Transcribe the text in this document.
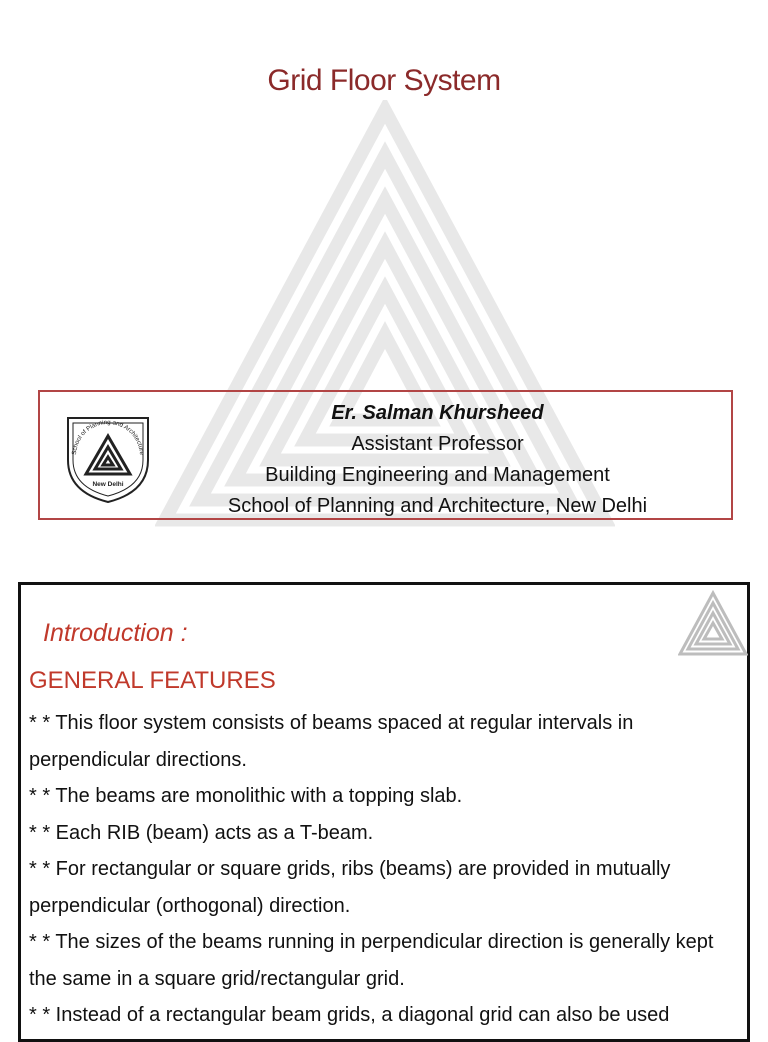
Grid Floor System
School of Planning and Architecture
New Delhi
Er. Salman Khursheed
Assistant Professor
Building Engineering and Management
School of Planning and Architecture, New Delhi
Introduction :
GENERAL FEATURES

* * This floor system consists of beams spaced at regular intervals in perpendicular directions.

* * The beams are monolithic with a topping slab.

* * Each RIB (beam) acts as a T-beam.

* * For rectangular or square grids, ribs (beams) are provided in mutually perpendicular (orthogonal) direction.

* * The sizes of the beams running in perpendicular direction is generally kept the same in a square grid/rectangular grid.

* * Instead of a rectangular beam grids, a diagonal grid can also be used
